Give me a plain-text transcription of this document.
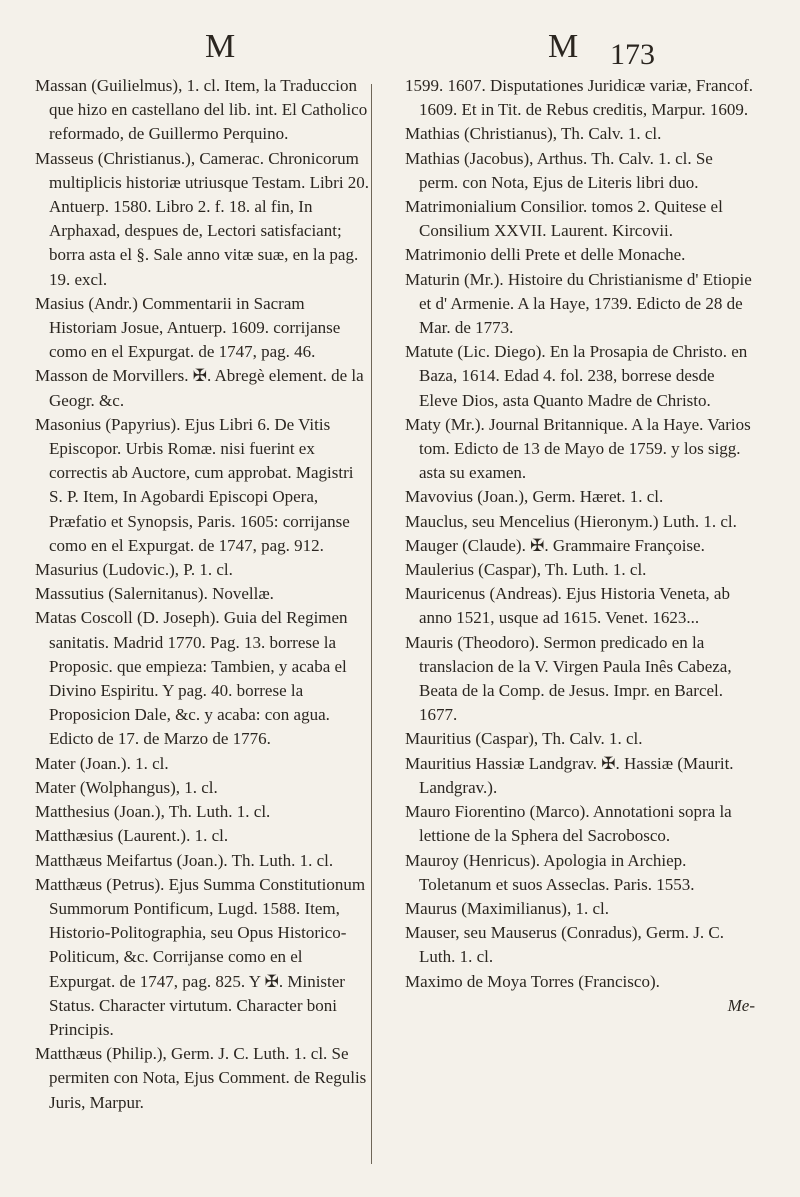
M	M 173
Massan (Guilielmus), 1. cl. Item, la Traduccion que hizo en castellano del lib. int. El Catholico reformado, de Guillermo Perquino.
Masseus (Christianus.), Camerac. Chronicorum multiplicis historiæ utriusque Testam. Libri 20. Antuerp. 1580. Libro 2. f. 18. al fin, In Arphaxad, despues de, Lectori satisfaciant; borra asta el §. Sale anno vitæ suæ, en la pag. 19. excl.
Masius (Andr.) Commentarii in Sacram Historiam Josue, Antuerp. 1609. corrijanse como en el Expurgat. de 1747, pag. 46.
Masson de Morvillers. ✠. Abregè element. de la Geogr. &c.
Masonius (Papyrius). Ejus Libri 6. De Vitis Episcopor. Urbis Romæ. nisi fuerint ex correctis ab Auctore, cum approbat. Magistri S. P. Item, In Agobardi Episcopi Opera, Præfatio et Synopsis, Paris. 1605: corrijanse como en el Expurgat. de 1747, pag. 912.
Masurius (Ludovic.), P. 1. cl.
Massutius (Salernitanus). Novellæ.
Matas Coscoll (D. Joseph). Guia del Regimen sanitatis. Madrid 1770. Pag. 13. borrese la Proposic. que empieza: Tambien, y acaba el Divino Espiritu. Y pag. 40. borrese la Proposicion Dale, &c. y acaba: con agua. Edicto de 17. de Marzo de 1776.
Mater (Joan.). 1. cl.
Mater (Wolphangus), 1. cl.
Matthesius (Joan.), Th. Luth. 1. cl.
Matthæsius (Laurent.). 1. cl.
Matthæus Meifartus (Joan.). Th. Luth. 1. cl.
Matthæus (Petrus). Ejus Summa Constitutionum Summorum Pontificum, Lugd. 1588. Item, Historio-Politographia, seu Opus Historico-Politicum, &c. Corrijanse como en el Expurgat. de 1747, pag. 825. Y ✠. Minister Status. Character virtutum. Character boni Principis.
Matthæus (Philip.), Germ. J. C. Luth. 1. cl. Se permiten con Nota, Ejus Comment. de Regulis Juris, Marpur.
1599. 1607. Disputationes Juridicæ variæ, Francof. 1609. Et in Tit. de Rebus creditis, Marpur. 1609.
Mathias (Christianus), Th. Calv. 1. cl.
Mathias (Jacobus), Arthus. Th. Calv. 1. cl. Se perm. con Nota, Ejus de Literis libri duo.
Matrimonialium Consilior. tomos 2. Quitese el Consilium XXVII. Laurent. Kircovii.
Matrimonio delli Prete et delle Monache.
Maturin (Mr.). Histoire du Christianisme d' Etiopie et d' Armenie. A la Haye, 1739. Edicto de 28 de Mar. de 1773.
Matute (Lic. Diego). En la Prosapia de Christo. en Baza, 1614. Edad 4. fol. 238, borrese desde Eleve Dios, asta Quanto Madre de Christo.
Maty (Mr.). Journal Britannique. A la Haye. Varios tom. Edicto de 13 de Mayo de 1759. y los sigg. asta su examen.
Mavovius (Joan.), Germ. Hæret. 1. cl.
Mauclus, seu Mencelius (Hieronym.) Luth. 1. cl.
Mauger (Claude). ✠. Grammaire Françoise.
Maulerius (Caspar), Th. Luth. 1. cl.
Mauricenus (Andreas). Ejus Historia Veneta, ab anno 1521, usque ad 1615. Venet. 1623...
Mauris (Theodoro). Sermon predicado en la translacion de la V. Virgen Paula Inês Cabeza, Beata de la Comp. de Jesus. Impr. en Barcel. 1677.
Mauritius (Caspar), Th. Calv. 1. cl.
Mauritius Hassiæ Landgrav. ✠. Hassiæ (Maurit. Landgrav.).
Mauro Fiorentino (Marco). Annotationi sopra la lettione de la Sphera del Sacrobosco.
Mauroy (Henricus). Apologia in Archiep. Toletanum et suos Asseclas. Paris. 1553.
Maurus (Maximilianus), 1. cl.
Mauser, seu Mauserus (Conradus), Germ. J. C. Luth. 1. cl.
Maximo de Moya Torres (Francisco).
Me-
